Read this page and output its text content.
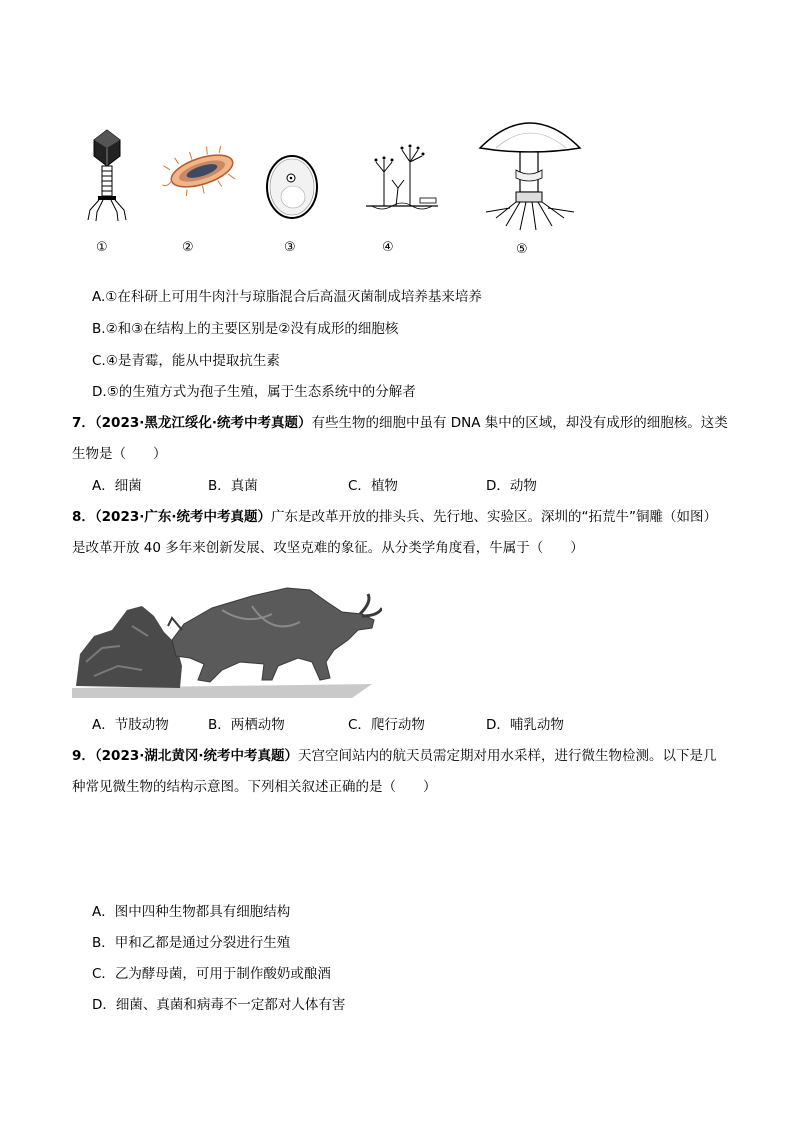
①	②	③	④	⑤
A.①在科研上可用牛肉汁与琼脂混合后高温灭菌制成培养基来培养
B.②和③在结构上的主要区别是②没有成形的细胞核
C.④是青霉，能从中提取抗生素
D.⑤的生殖方式为孢子生殖，属于生态系统中的分解者
7．（2023·黑龙江绥化·统考中考真题）有些生物的细胞中虽有 DNA 集中的区域，却没有成形的细胞核。这类
生物是（　　）
A．细菌	B．真菌	C．植物	D．动物
8．（2023·广东·统考中考真题）广东是改革开放的排头兵、先行地、实验区。深圳的“拓荒牛”铜雕（如图）
是改革开放 40 多年来创新发展、攻坚克难的象征。从分类学角度看，牛属于（　　）
A．节肢动物	B．两栖动物	C．爬行动物	D．哺乳动物
9．（2023·湖北黄冈·统考中考真题）天宫空间站内的航天员需定期对用水采样，进行微生物检测。以下是几
种常见微生物的结构示意图。下列相关叙述正确的是（　　）
A．图中四种生物都具有细胞结构
B．甲和乙都是通过分裂进行生殖
C．乙为酵母菌，可用于制作酸奶或酿酒
D．细菌、真菌和病毒不一定都对人体有害
